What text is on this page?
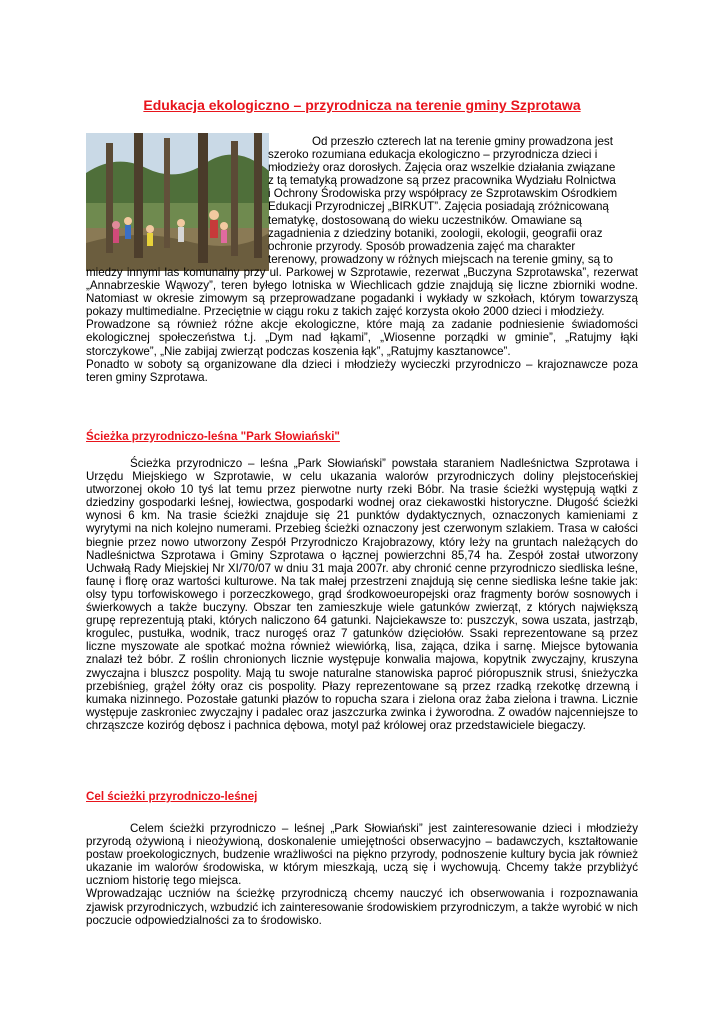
Edukacja ekologiczno – przyrodnicza na terenie gminy Szprotawa

Od przeszło czterech lat na terenie gminy prowadzona jest

szeroko rozumiana edukacja ekologiczno – przyrodnicza dzieci i

młodzieży oraz dorosłych. Zajęcia oraz wszelkie działania związane

z tą tematyką prowadzone są przez pracownika Wydziału Rolnictwa

i Ochrony Środowiska przy współpracy ze Szprotawskim Ośrodkiem

Edukacji Przyrodniczej „BIRKUT”. Zajęcia posiadają zróżnicowaną

tematykę, dostosowaną do wieku uczestników. Omawiane są

zagadnienia z dziedziny botaniki, zoologii, ekologii, geografii oraz

ochronie przyrody. Sposób prowadzenia zajęć ma charakter

terenowy, prowadzony w różnych miejscach na terenie gminy, są to

miedzy innymi las komunalny przy ul. Parkowej w Szprotawie, rezerwat „Buczyna Szprotawska”, rezerwat „Annabrzeskie Wąwozy”, teren byłego lotniska w Wiechlicach gdzie znajdują się liczne zbiorniki wodne. Natomiast w okresie zimowym są przeprowadzane pogadanki i wykłady w szkołach, którym towarzyszą pokazy multimedialne. Przeciętnie w ciągu roku z takich zajęć korzysta około 2000 dzieci i młodzieży.

Prowadzone są również różne akcje ekologiczne, które mają za zadanie podniesienie świadomości ekologicznej społeczeństwa t.j. „Dym nad łąkami”, „Wiosenne porządki w gminie”, „Ratujmy łąki storczykowe”, „Nie zabijaj zwierząt podczas koszenia łąk”, „Ratujmy kasztanowce”.

Ponadto w soboty są organizowane dla dzieci i młodzieży wycieczki przyrodniczo – krajoznawcze poza teren gminy Szprotawa.

Ścieżka przyrodniczo-leśna "Park Słowiański"

Ścieżka przyrodniczo – leśna „Park Słowiański” powstała staraniem Nadleśnictwa Szprotawa i Urzędu Miejskiego w Szprotawie, w celu ukazania walorów przyrodniczych doliny plejstoceńskiej utworzonej około 10 tyś lat temu przez pierwotne nurty rzeki Bóbr. Na trasie ścieżki występują wątki z dziedziny gospodarki leśnej, łowiectwa, gospodarki wodnej oraz ciekawostki historyczne. Długość ścieżki wynosi 6 km. Na trasie ścieżki znajduje się 21 punktów dydaktycznych, oznaczonych kamieniami z wyrytymi na nich kolejno numerami. Przebieg ścieżki oznaczony jest czerwonym szlakiem. Trasa w całości biegnie przez nowo utworzony Zespół Przyrodniczo Krajobrazowy, który leży na gruntach należących do Nadleśnictwa Szprotawa i Gminy Szprotawa o łącznej powierzchni 85,74 ha. Zespół został utworzony Uchwałą Rady Miejskiej Nr XI/70/07 w dniu 31 maja 2007r. aby chronić cenne przyrodniczo siedliska leśne, faunę i florę oraz wartości kulturowe. Na tak małej przestrzeni znajdują się cenne siedliska leśne takie jak: olsy typu torfowiskowego i porzeczkowego, grąd środkowoeuropejski oraz fragmenty borów sosnowych i świerkowych a także buczyny. Obszar ten zamieszkuje wiele gatunków zwierząt, z których największą grupę reprezentują ptaki, których naliczono 64 gatunki. Najciekawsze to: puszczyk, sowa uszata, jastrząb, krogulec, pustułka, wodnik, tracz nurogęś oraz 7 gatunków dzięciołów. Ssaki reprezentowane są przez liczne myszowate ale spotkać można również wiewiórką, lisa, zająca, dzika i sarnę. Miejsce bytowania znalazł też bóbr. Z roślin chronionych licznie występuje konwalia majowa, kopytnik zwyczajny, kruszyna zwyczajna i bluszcz pospolity. Mają tu swoje naturalne stanowiska paproć pióropusznik strusi, śnieżyczka przebiśnieg, grążel żółty oraz cis pospolity. Płazy reprezentowane są przez rzadką rzekotkę drzewną i kumaka nizinnego. Pozostałe gatunki płazów to ropucha szara i zielona oraz żaba zielona i trawna. Licznie występuje zaskroniec zwyczajny i padalec oraz jaszczurka zwinka i żyworodna. Z owadów najcenniejsze to chrząszcze koziróg dębosz i pachnica dębowa, motyl paź królowej oraz przedstawiciele biegaczy.

Cel ścieżki przyrodniczo-leśnej

Celem ścieżki przyrodniczo – leśnej „Park Słowiański” jest zainteresowanie dzieci i młodzieży przyrodą ożywioną i nieożywioną, doskonalenie umiejętności obserwacyjno – badawczych, kształtowanie postaw proekologicznych, budzenie wrażliwości na piękno przyrody, podnoszenie kultury bycia jak również ukazanie im walorów środowiska, w którym mieszkają, uczą się i wychowują. Chcemy także przybliżyć uczniom historię tego miejsca.

Wprowadzając uczniów na ścieżkę przyrodniczą chcemy nauczyć ich obserwowania i rozpoznawania zjawisk przyrodniczych, wzbudzić ich zainteresowanie środowiskiem przyrodniczym, a także wyrobić w nich poczucie odpowiedzialności za to środowisko.
